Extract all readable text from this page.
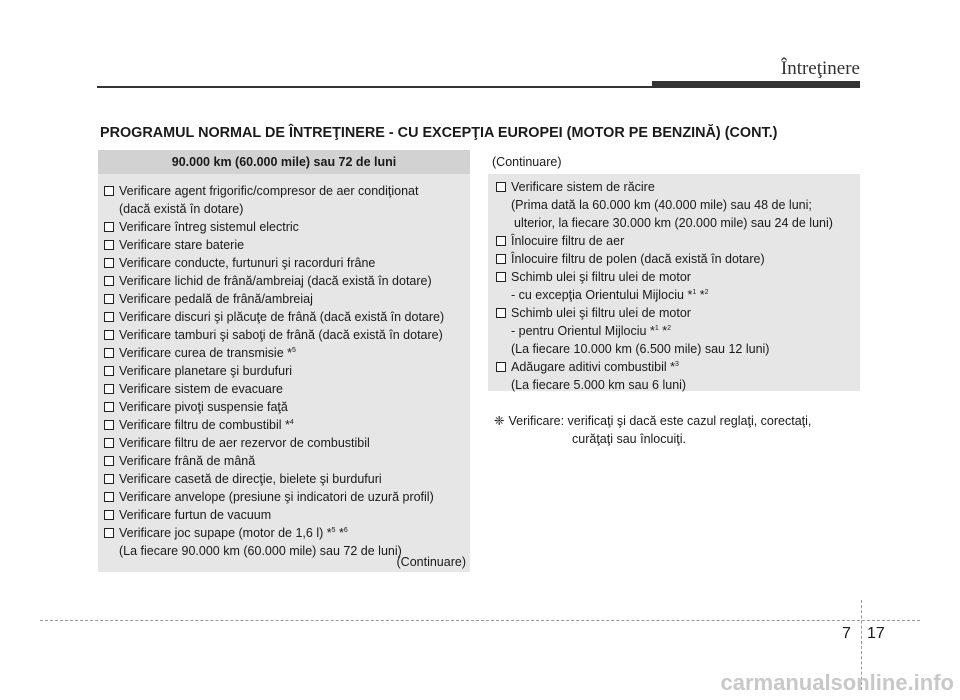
Întreţinere
PROGRAMUL NORMAL DE ÎNTREŢINERE - CU EXCEPŢIA EUROPEI (MOTOR PE BENZINĂ) (CONT.)
90.000 km (60.000 mile) sau 72 de luni
Verificare agent frigorific/compresor de aer condiţionat
(dacă există în dotare)
Verificare întreg sistemul electric
Verificare stare baterie
Verificare conducte, furtunuri şi racorduri frâne
Verificare lichid de frână/ambreiaj (dacă există în dotare)
Verificare pedală de frână/ambreiaj
Verificare discuri şi plăcuţe de frână (dacă există în dotare)
Verificare tamburi şi saboţi de frână (dacă există în dotare)
Verificare curea de transmisie *$^5$
Verificare planetare şi burdufuri
Verificare sistem de evacuare
Verificare pivoţi suspensie faţă
Verificare filtru de combustibil *$^4$
Verificare filtru de aer rezervor de combustibil
Verificare frână de mână
Verificare casetă de direcţie, bielete şi burdufuri
Verificare anvelope (presiune şi indicatori de uzură profil)
Verificare furtun de vacuum
Verificare joc supape (motor de 1,6 l) *$^5$ *$^6$
(La fiecare 90.000 km (60.000 mile) sau 72 de luni)
(Continuare)
(Continuare)
Verificare sistem de răcire
(Prima dată la 60.000 km (40.000 mile) sau 48 de luni;
ulterior, la fiecare 30.000 km (20.000 mile) sau 24 de luni)
Înlocuire filtru de aer
Înlocuire filtru de polen (dacă există în dotare)
Schimb ulei şi filtru ulei de motor
- cu excepţia Orientului Mijlociu *$^1$ *$^2$
Schimb ulei şi filtru ulei de motor
- pentru Orientul Mijlociu *$^1$ *$^2$
(La fiecare 10.000 km (6.500 mile) sau 12 luni)
Adăugare aditivi combustibil *$^3$
(La fiecare 5.000 km sau 6 luni)
❈ Verificare: verificaţi şi dacă este cazul reglaţi, corectaţi,
curăţaţi sau înlocuiţi.
7 17
carmanualsonline.info
